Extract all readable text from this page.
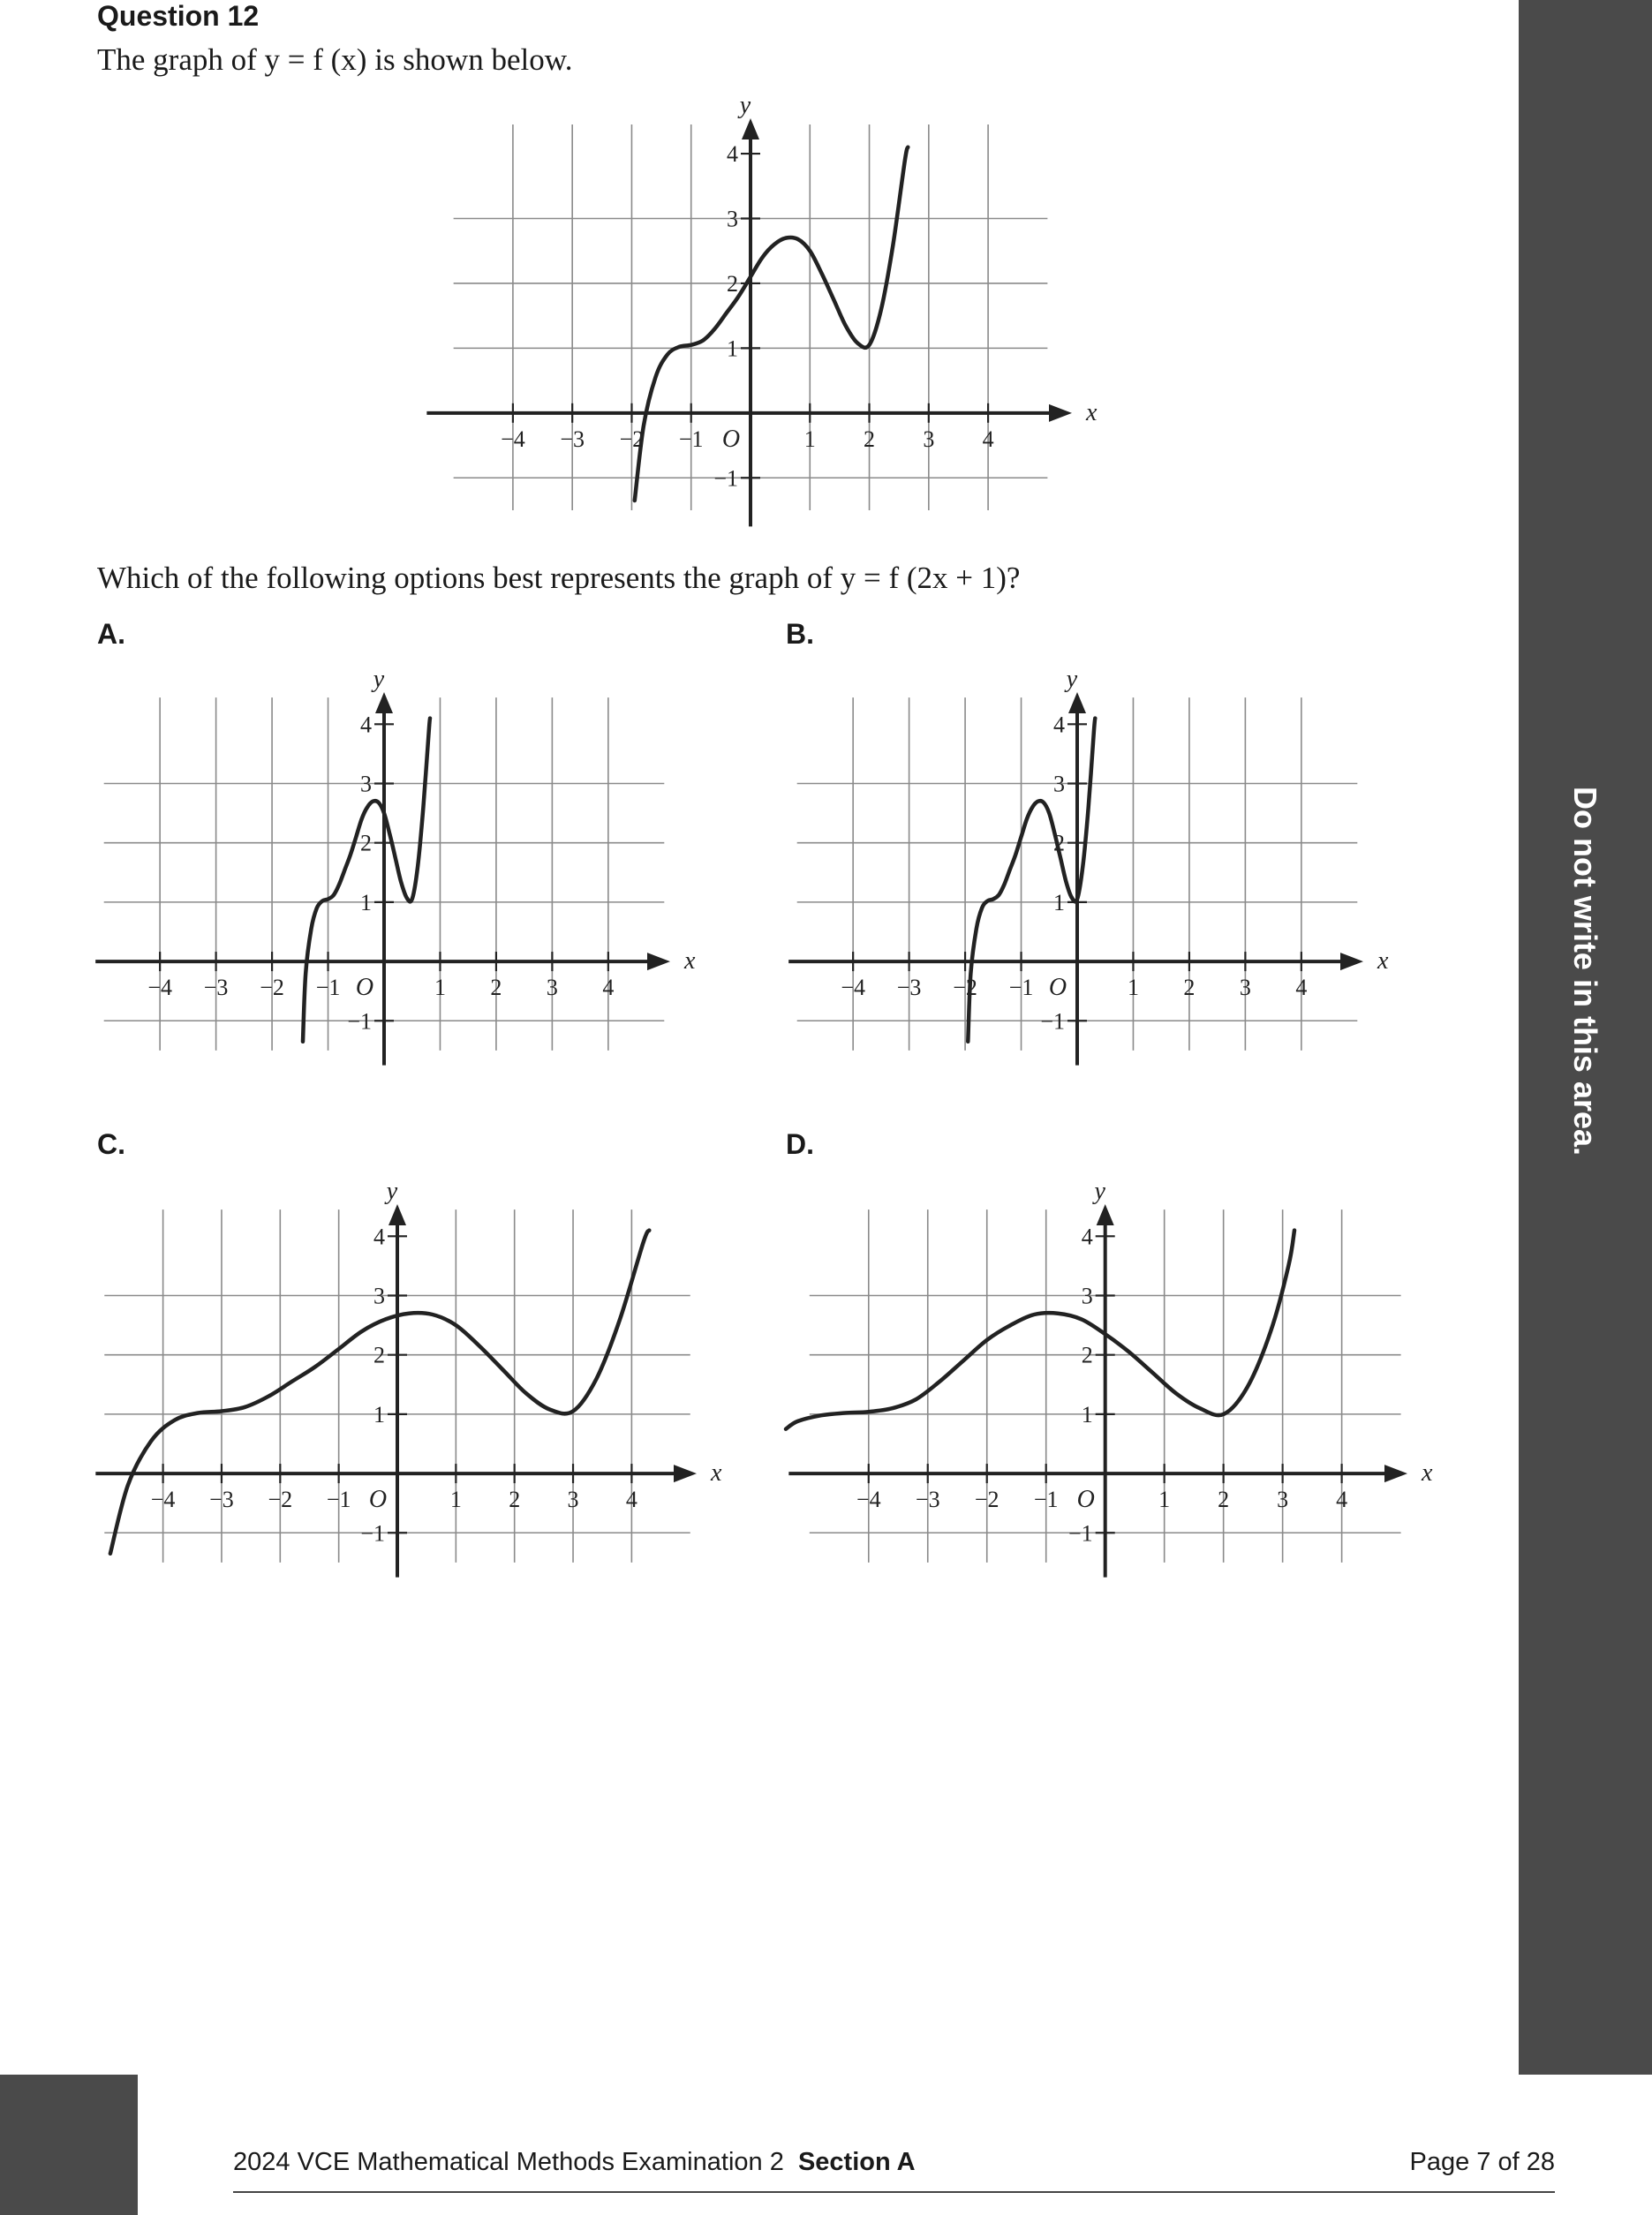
Question 12
The graph of y = f (x) is shown below.
x
y
O
−4 −3 −2 −1	1 2 3 4
−1
1
2
3
4
Which of the following options best represents the graph of y = f (2x + 1)?
A.
x
y
O
−4 −3 −2 −1	1 2 3 4
−1
1
2
3
4
B.
x
y
O
−4 −3 −2 −1	1 2 3 4
−1
1
2
3
4
C.
x
y
O
−4 −3 −2 −1	1 2 3 4
−1
1
2
3
4
D.
x
y
O
−4 −3 −2 −1	1 2 3 4
−1
1
2
3
4
Do not write in this area.
2024 VCE Mathematical Methods Examination 2 Section A	Page 7 of 28
